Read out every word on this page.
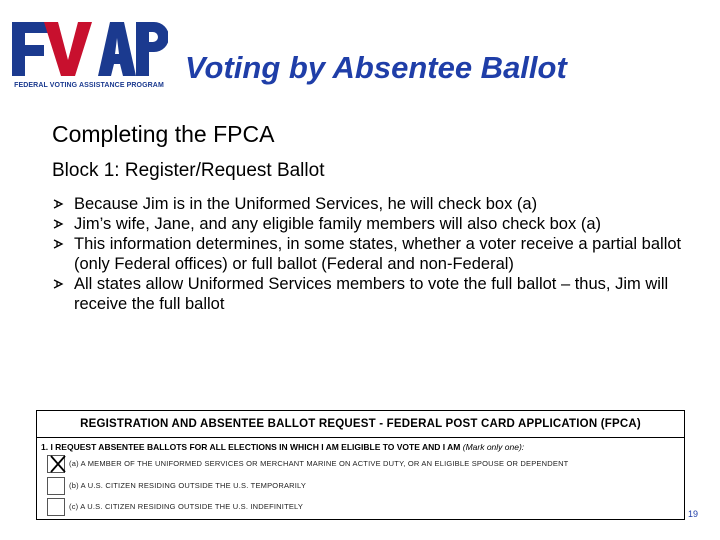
FEDERAL VOTING ASSISTANCE PROGRAM
Voting by Absentee Ballot
Completing the FPCA
Block 1: Register/Request Ballot
Because Jim is in the Uniformed Services, he will check box (a)
Jim’s wife, Jane, and any eligible family members will also check box (a)
This information determines, in some states, whether a voter receive a partial ballot (only Federal offices) or full ballot (Federal and non-Federal)
All states allow Uniformed Services members to vote the full ballot – thus, Jim will receive the full ballot
REGISTRATION AND ABSENTEE BALLOT REQUEST - FEDERAL POST CARD APPLICATION (FPCA)
1. I REQUEST ABSENTEE BALLOTS FOR ALL ELECTIONS IN WHICH I AM ELIGIBLE TO VOTE AND I AM (Mark only one):
(a) A MEMBER OF THE UNIFORMED SERVICES OR MERCHANT MARINE ON ACTIVE DUTY, OR AN ELIGIBLE SPOUSE OR DEPENDENT
(b) A U.S. CITIZEN RESIDING OUTSIDE THE U.S. TEMPORARILY
(c) A U.S. CITIZEN RESIDING OUTSIDE THE U.S. INDEFINITELY
19
